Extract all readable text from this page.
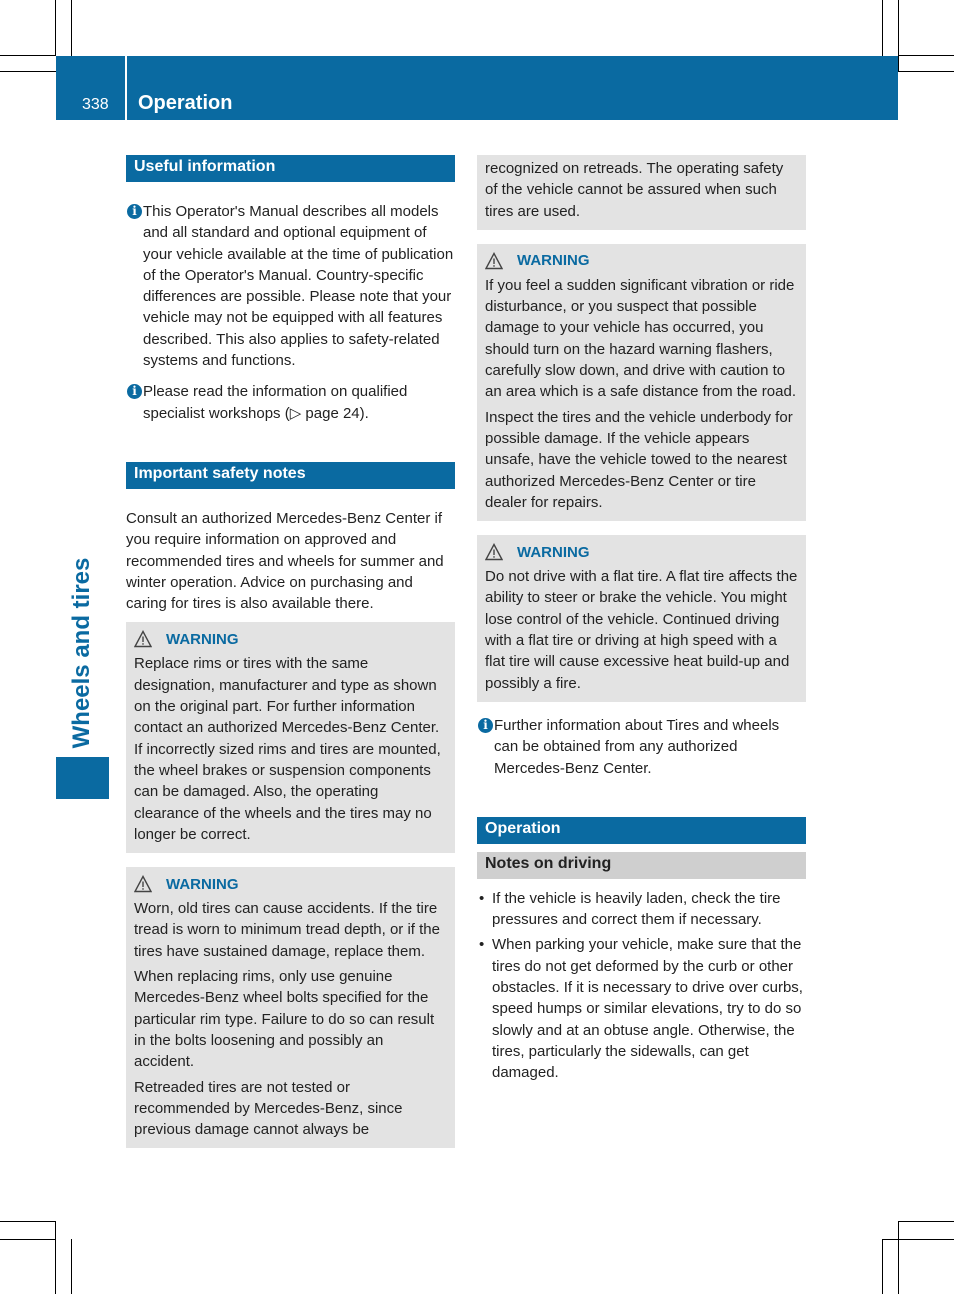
338 Operation
Wheels and tires
Useful information
i This Operator's Manual describes all models and all standard and optional equipment of your vehicle available at the time of publication of the Operator's Manual. Country-specific differences are possible. Please note that your vehicle may not be equipped with all features described. This also applies to safety-related systems and functions.
i Please read the information on qualified specialist workshops (▷ page 24).
Important safety notes

Consult an authorized Mercedes-Benz Center if you require information on approved and recommended tires and wheels for summer and winter operation. Advice on purchasing and caring for tires is also available there.

WARNING

Replace rims or tires with the same designation, manufacturer and type as shown on the original part. For further information contact an authorized Mercedes-Benz Center. If incorrectly sized rims and tires are mounted, the wheel brakes or suspension components can be damaged. Also, the operating clearance of the wheels and the tires may no longer be correct.

WARNING

Worn, old tires can cause accidents. If the tire tread is worn to minimum tread depth, or if the tires have sustained damage, replace them.

When replacing rims, only use genuine Mercedes-Benz wheel bolts specified for the particular rim type. Failure to do so can result in the bolts loosening and possibly an accident.

Retreaded tires are not tested or recommended by Mercedes-Benz, since previous damage cannot always be

recognized on retreads. The operating safety of the vehicle cannot be assured when such tires are used.

WARNING

If you feel a sudden significant vibration or ride disturbance, or you suspect that possible damage to your vehicle has occurred, you should turn on the hazard warning flashers, carefully slow down, and drive with caution to an area which is a safe distance from the road.

Inspect the tires and the vehicle underbody for possible damage. If the vehicle appears unsafe, have the vehicle towed to the nearest authorized Mercedes-Benz Center or tire dealer for repairs.

WARNING

Do not drive with a flat tire. A flat tire affects the ability to steer or brake the vehicle. You might lose control of the vehicle. Continued driving with a flat tire or driving at high speed with a flat tire will cause excessive heat build-up and possibly a fire.

i Further information about Tires and wheels can be obtained from any authorized Mercedes-Benz Center.
Operation
Notes on driving
• If the vehicle is heavily laden, check the tire pressures and correct them if necessary.
• When parking your vehicle, make sure that the tires do not get deformed by the curb or other obstacles. If it is necessary to drive over curbs, speed humps or similar elevations, try to do so slowly and at an obtuse angle. Otherwise, the tires, particularly the sidewalls, can get damaged.
